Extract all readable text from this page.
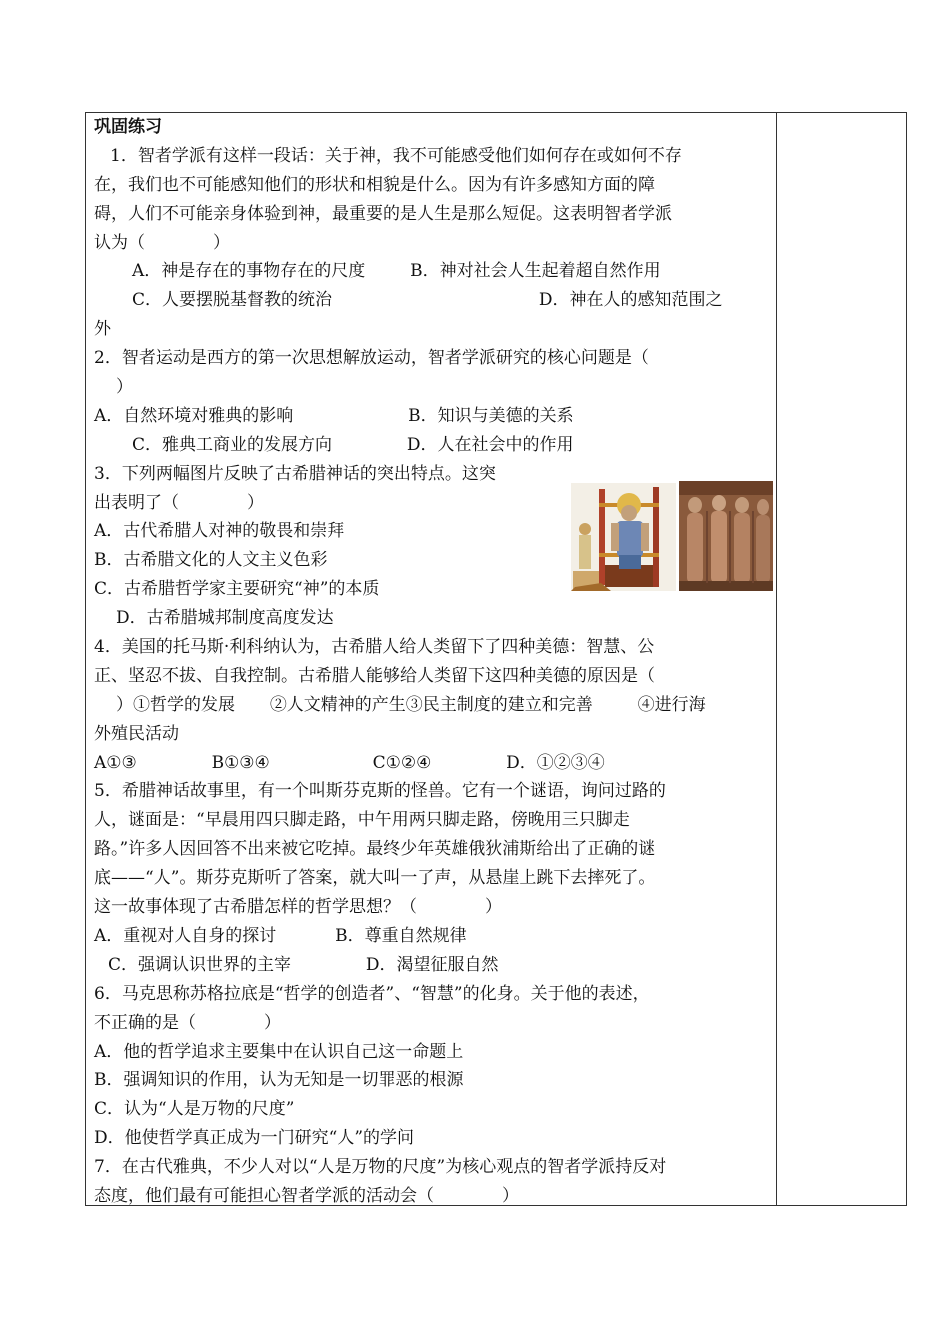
巩固练习
1．智者学派有这样一段话：关于神，我不可能感受他们如何存在或如何不存
在，我们也不可能感知他们的形状和相貌是什么。因为有许多感知方面的障
碍，人们不可能亲身体验到神，最重要的是人生是那么短促。这表明智者学派
认为（　　　　）
A．神是存在的事物存在的尺度	B．神对社会人生起着超自然作用
C．人要摆脱基督教的统治	D．神在人的感知范围之
外
2．智者运动是西方的第一次思想解放运动，智者学派研究的核心问题是（
）
A．自然环境对雅典的影响	B．知识与美德的关系
C．雅典工商业的发展方向	D．人在社会中的作用
3．下列两幅图片反映了古希腊神话的突出特点。这突
出表明了（　　　　）
A．古代希腊人对神的敬畏和崇拜
B．古希腊文化的人文主义色彩
C．古希腊哲学家主要研究“神”的本质
D．古希腊城邦制度高度发达
4．美国的托马斯·利科纳认为，古希腊人给人类留下了四种美德：智慧、公
正、坚忍不拔、自我控制。古希腊人能够给人类留下这四种美德的原因是（
）①哲学的发展 ②人文精神的产生③民主制度的建立和完善	④进行海
外殖民活动
A①③	B①③④	C①②④	D．①②③④
5．希腊神话故事里，有一个叫斯芬克斯的怪兽。它有一个谜语，询问过路的
人，谜面是：“早晨用四只脚走路，中午用两只脚走路，傍晚用三只脚走
路。”许多人因回答不出来被它吃掉。最终少年英雄俄狄浦斯给出了正确的谜
底——“人”。斯芬克斯听了答案，就大叫一了声，从悬崖上跳下去摔死了。
这一故事体现了古希腊怎样的哲学思想？（　　　　）
A．重视对人自身的探讨	B．尊重自然规律
C．强调认识世界的主宰	D．渴望征服自然
6．马克思称苏格拉底是“哲学的创造者”、“智慧”的化身。关于他的表述，
不正确的是（　　　　）
A．他的哲学追求主要集中在认识自己这一命题上
B．强调知识的作用，认为无知是一切罪恶的根源
C．认为“人是万物的尺度”
D．他使哲学真正成为一门研究“人”的学问
7．在古代雅典，不少人对以“人是万物的尺度”为核心观点的智者学派持反对
态度，他们最有可能担心智者学派的活动会（　　　　）
